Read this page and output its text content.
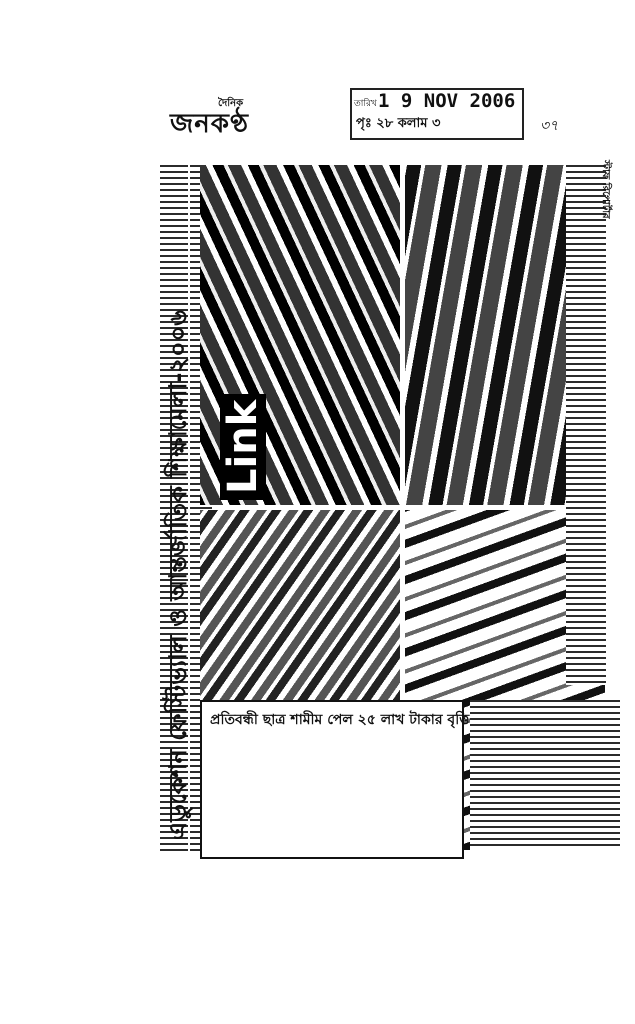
দৈনিক
জনকণ্ঠ
তারিখ 1 9 NOV 2006
পৃঃ ২৮ কলাম ৩	৩৭
এডুকেশন ফেস্টিভ্যাল ও আন্তর্জাতিক শিক্ষামেলা-২০০৬ Link
প্রতিবন্ধী ছাত্র শামীম পেল ২৫ লাখ টাকার বৃত্তি
স্টাফ রিপোর্টার
